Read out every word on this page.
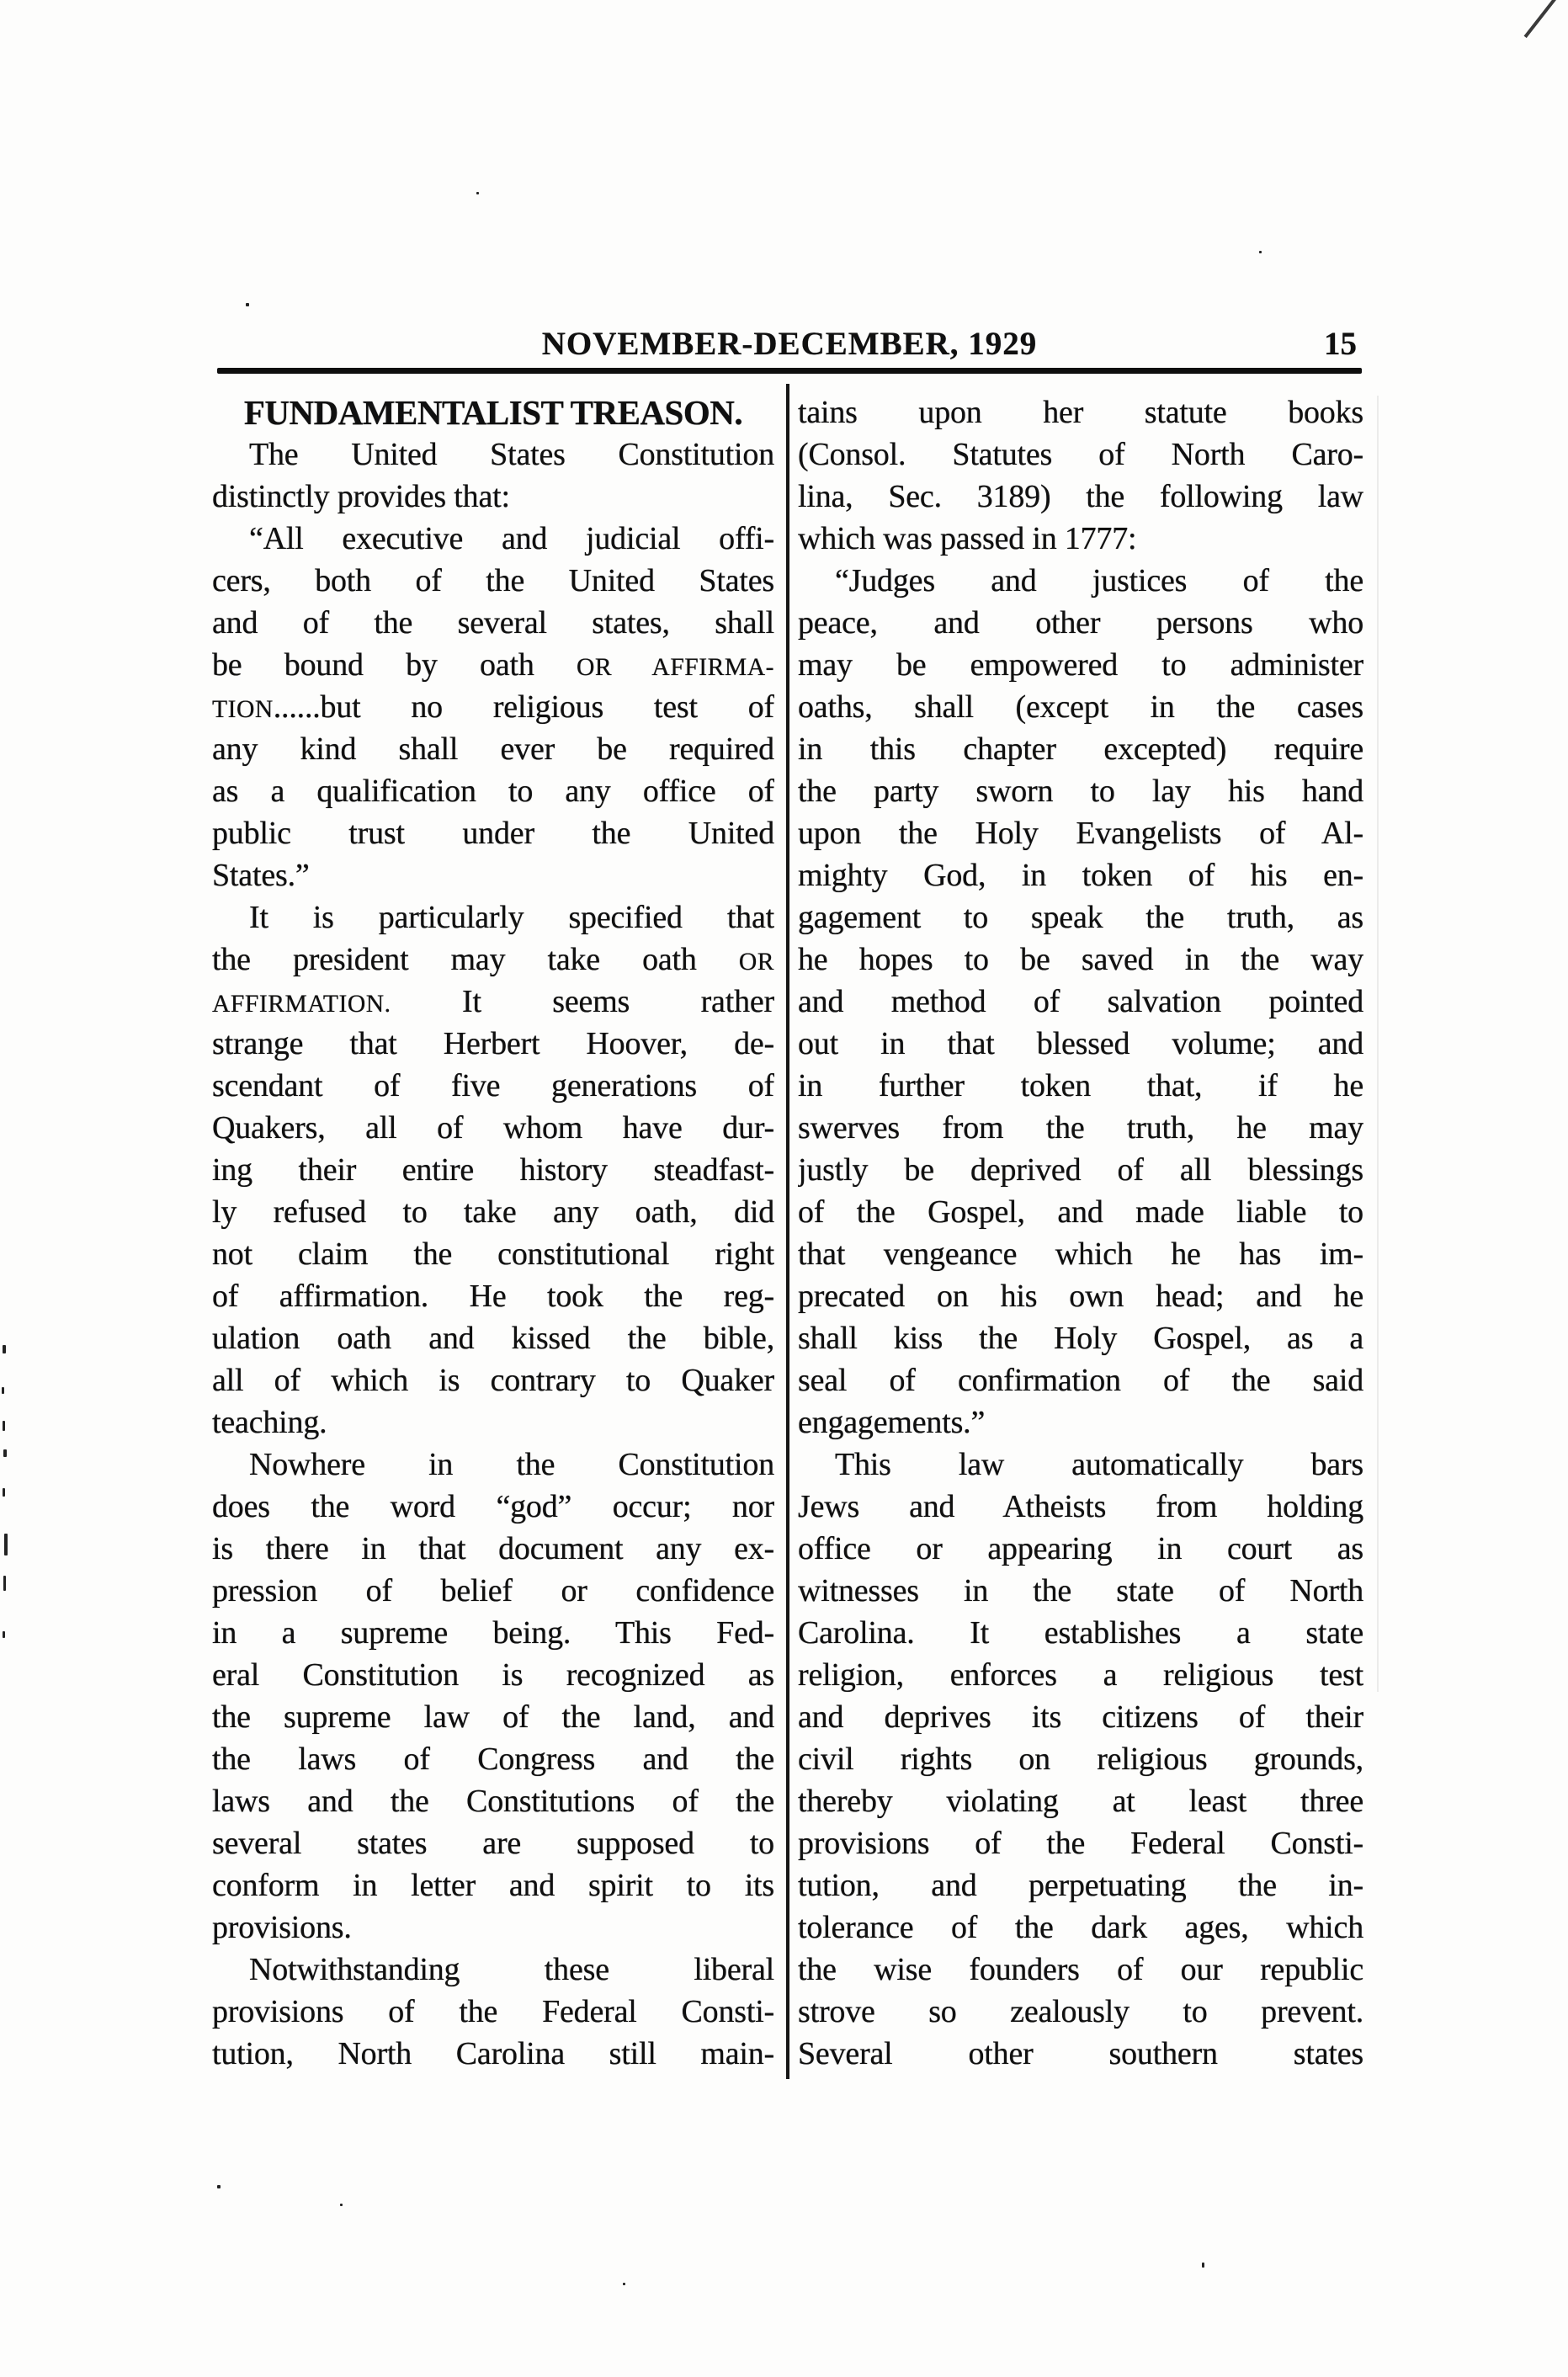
NOVEMBER-DECEMBER, 1929	15
FUNDAMENTALIST TREASON.
The United States Constitution
distinctly provides that:
“All executive and judicial offi-
cers, both of the United States
and of the several states, shall
be bound by oath OR AFFIRMA-
TION......but no religious test of
any kind shall ever be required
as a qualification to any office of
public trust under the United
States.”
It is particularly specified that
the president may take oath OR
AFFIRMATION. It seems rather
strange that Herbert Hoover, de-
scendant of five generations of
Quakers, all of whom have dur-
ing their entire history steadfast-
ly refused to take any oath, did
not claim the constitutional right
of affirmation. He took the reg-
ulation oath and kissed the bible,
all of which is contrary to Quaker
teaching.
Nowhere in the Constitution
does the word “god” occur; nor
is there in that document any ex-
pression of belief or confidence
in a supreme being. This Fed-
eral Constitution is recognized as
the supreme law of the land, and
the laws of Congress and the
laws and the Constitutions of the
several states are supposed to
conform in letter and spirit to its
provisions.
Notwithstanding these liberal
provisions of the Federal Consti-
tution, North Carolina still main-
tains upon her statute books
(Consol. Statutes of North Caro-
lina, Sec. 3189) the following law
which was passed in 1777:
“Judges and justices of the
peace, and other persons who
may be empowered to administer
oaths, shall (except in the cases
in this chapter excepted) require
the party sworn to lay his hand
upon the Holy Evangelists of Al-
mighty God, in token of his en-
gagement to speak the truth, as
he hopes to be saved in the way
and method of salvation pointed
out in that blessed volume; and
in further token that, if he
swerves from the truth, he may
justly be deprived of all blessings
of the Gospel, and made liable to
that vengeance which he has im-
precated on his own head; and he
shall kiss the Holy Gospel, as a
seal of confirmation of the said
engagements.”
This law automatically bars
Jews and Atheists from holding
office or appearing in court as
witnesses in the state of North
Carolina. It establishes a state
religion, enforces a religious test
and deprives its citizens of their
civil rights on religious grounds,
thereby violating at least three
provisions of the Federal Consti-
tution, and perpetuating the in-
tolerance of the dark ages, which
the wise founders of our republic
strove so zealously to prevent.
Several other southern states
